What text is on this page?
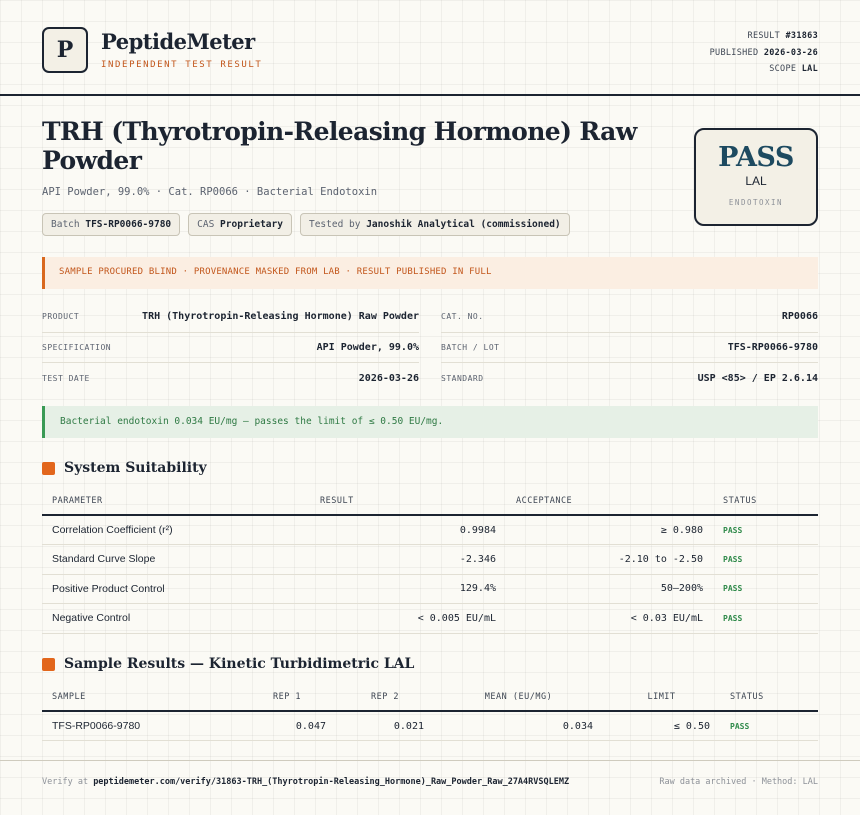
P PeptideMeter
INDEPENDENT TEST RESULT
RESULT #31863
PUBLISHED 2026-03-26
SCOPE LAL
TRH (Thyrotropin-Releasing Hormone) Raw Powder
API Powder, 99.0% · Cat. RP0066 · Bacterial Endotoxin
Batch TFS-RP0066-9780	CAS Proprietary	Tested by Janoshik Analytical (commissioned)
PASS
LAL
ENDOTOXIN
SAMPLE PROCURED BLIND · PROVENANCE MASKED FROM LAB · RESULT PUBLISHED IN FULL
PRODUCT	TRH (Thyrotropin-Releasing Hormone) Raw Powder
SPECIFICATION	API Powder, 99.0%
TEST DATE	2026-03-26
CAT. NO.	RP0066
BATCH / LOT	TFS-RP0066-9780
STANDARD	USP <85> / EP 2.6.14
Bacterial endotoxin 0.034 EU/mg — passes the limit of ≤ 0.50 EU/mg.
System Suitability
PARAMETER	RESULT	ACCEPTANCE	STATUS
Correlation Coefficient (r²)	0.9984	≥ 0.980	PASS
Standard Curve Slope	-2.346	-2.10 to -2.50	PASS
Positive Product Control	129.4%	50–200%	PASS
Negative Control	< 0.005 EU/mL	< 0.03 EU/mL	PASS
Sample Results — Kinetic Turbidimetric LAL
SAMPLE	REP 1	REP 2	MEAN (EU/MG)	LIMIT	STATUS
TFS-RP0066-9780	0.047	0.021	0.034	≤ 0.50	PASS
Verify at peptidemeter.com/verify/31863-TRH_(Thyrotropin-Releasing_Hormone)_Raw_Powder_Raw_27A4RVSQLEMZ	Raw data archived · Method: LAL
